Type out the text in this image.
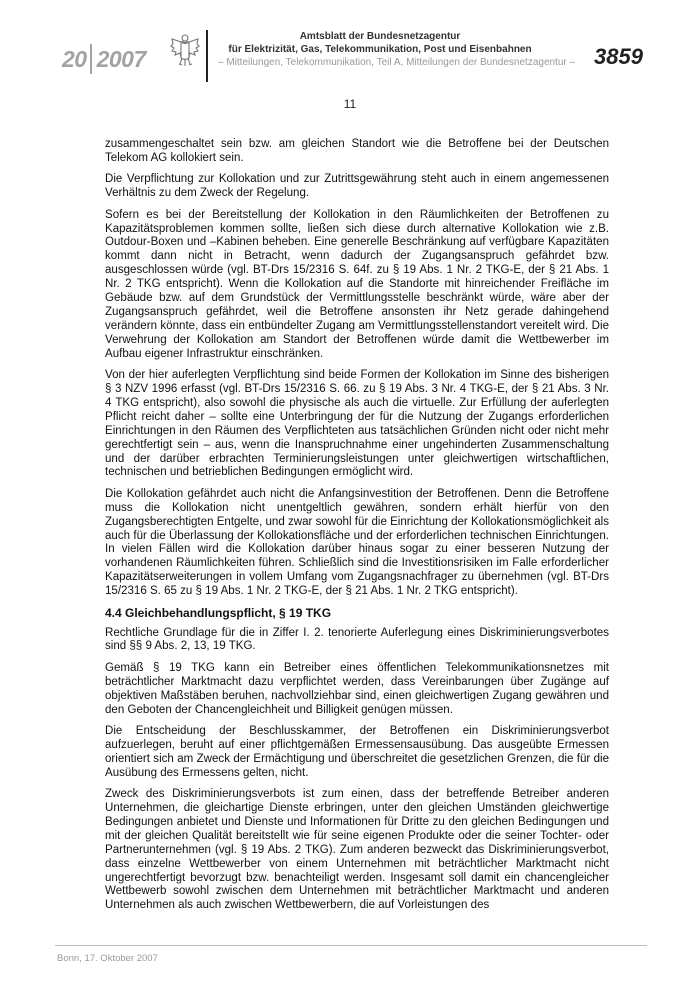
20 2007
Amtsblatt der Bundesnetzagentur
für Elektrizität, Gas, Telekommunikation, Post und Eisenbahnen
– Mitteilungen, Telekommunikation, Teil A, Mitteilungen der Bundesnetzagentur – 3859
11

zusammengeschaltet sein bzw. am gleichen Standort wie die Betroffene bei der Deutschen Telekom AG kollokiert sein.

Die Verpflichtung zur Kollokation und zur Zutrittsgewährung steht auch in einem angemessenen Verhältnis zu dem Zweck der Regelung.

Sofern es bei der Bereitstellung der Kollokation in den Räumlichkeiten der Betroffenen zu Kapazitätsproblemen kommen sollte, ließen sich diese durch alternative Kollokation wie z.B. Outdour-Boxen und –Kabinen beheben. Eine generelle Beschränkung auf verfügbare Kapazitäten kommt dann nicht in Betracht, wenn dadurch der Zugangsanspruch gefährdet bzw. ausgeschlossen würde (vgl. BT-Drs 15/2316 S. 64f. zu § 19 Abs. 1 Nr. 2 TKG-E, der § 21 Abs. 1 Nr. 2 TKG entspricht). Wenn die Kollokation auf die Standorte mit hinreichender Freifläche im Gebäude bzw. auf dem Grundstück der Vermittlungsstelle beschränkt würde, wäre aber der Zugangsanspruch gefährdet, weil die Betroffene ansonsten ihr Netz gerade dahingehend verändern könnte, dass ein entbündelter Zugang am Vermittlungsstellenstandort vereitelt wird. Die Verwehrung der Kollokation am Standort der Betroffenen würde damit die Wettbewerber im Aufbau eigener Infrastruktur einschränken.

Von der hier auferlegten Verpflichtung sind beide Formen der Kollokation im Sinne des bisherigen § 3 NZV 1996 erfasst (vgl. BT-Drs 15/2316 S. 66. zu § 19 Abs. 3 Nr. 4 TKG-E, der § 21 Abs. 3 Nr. 4 TKG entspricht), also sowohl die physische als auch die virtuelle. Zur Erfüllung der auferlegten Pflicht reicht daher – sollte eine Unterbringung der für die Nutzung der Zugangs erforderlichen Einrichtungen in den Räumen des Verpflichteten aus tatsächlichen Gründen nicht oder nicht mehr gerechtfertigt sein – aus, wenn die Inanspruchnahme einer ungehinderten Zusammenschaltung und der darüber erbrachten Terminierungsleistungen unter gleichwertigen wirtschaftlichen, technischen und betrieblichen Bedingungen ermöglicht wird.

Die Kollokation gefährdet auch nicht die Anfangsinvestition der Betroffenen. Denn die Betroffene muss die Kollokation nicht unentgeltlich gewähren, sondern erhält hierfür von den Zugangsberechtigten Entgelte, und zwar sowohl für die Einrichtung der Kollokationsmöglichkeit als auch für die Überlassung der Kollokationsfläche und der erforderlichen technischen Einrichtungen. In vielen Fällen wird die Kollokation darüber hinaus sogar zu einer besseren Nutzung der vorhandenen Räumlichkeiten führen. Schließlich sind die Investitionsrisiken im Falle erforderlicher Kapazitätserweiterungen in vollem Umfang vom Zugangsnachfrager zu übernehmen (vgl. BT-Drs 15/2316 S. 65 zu § 19 Abs. 1 Nr. 2 TKG-E, der § 21 Abs. 1 Nr. 2 TKG entspricht).

4.4 Gleichbehandlungspflicht, § 19 TKG

Rechtliche Grundlage für die in Ziffer I. 2. tenorierte Auferlegung eines Diskriminierungsverbotes sind §§ 9 Abs. 2, 13, 19 TKG.

Gemäß § 19 TKG kann ein Betreiber eines öffentlichen Telekommunikationsnetzes mit beträchtlicher Marktmacht dazu verpflichtet werden, dass Vereinbarungen über Zugänge auf objektiven Maßstäben beruhen, nachvollziehbar sind, einen gleichwertigen Zugang gewähren und den Geboten der Chancengleichheit und Billigkeit genügen müssen.

Die Entscheidung der Beschlusskammer, der Betroffenen ein Diskriminierungsverbot aufzuerlegen, beruht auf einer pflichtgemäßen Ermessensausübung. Das ausgeübte Ermessen orientiert sich am Zweck der Ermächtigung und überschreitet die gesetzlichen Grenzen, die für die Ausübung des Ermessens gelten, nicht.

Zweck des Diskriminierungsverbots ist zum einen, dass der betreffende Betreiber anderen Unternehmen, die gleichartige Dienste erbringen, unter den gleichen Umständen gleichwertige Bedingungen anbietet und Dienste und Informationen für Dritte zu den gleichen Bedingungen und mit der gleichen Qualität bereitstellt wie für seine eigenen Produkte oder die seiner Tochter- oder Partnerunternehmen (vgl. § 19 Abs. 2 TKG). Zum anderen bezweckt das Diskriminierungsverbot, dass einzelne Wettbewerber von einem Unternehmen mit beträchtlicher Marktmacht nicht ungerechtfertigt bevorzugt bzw. benachteiligt werden. Insgesamt soll damit ein chancengleicher Wettbewerb sowohl zwischen dem Unternehmen mit beträchtlicher Marktmacht und anderen Unternehmen als auch zwischen Wettbewerbern, die auf Vorleistungen des

Bonn, 17. Oktober 2007
